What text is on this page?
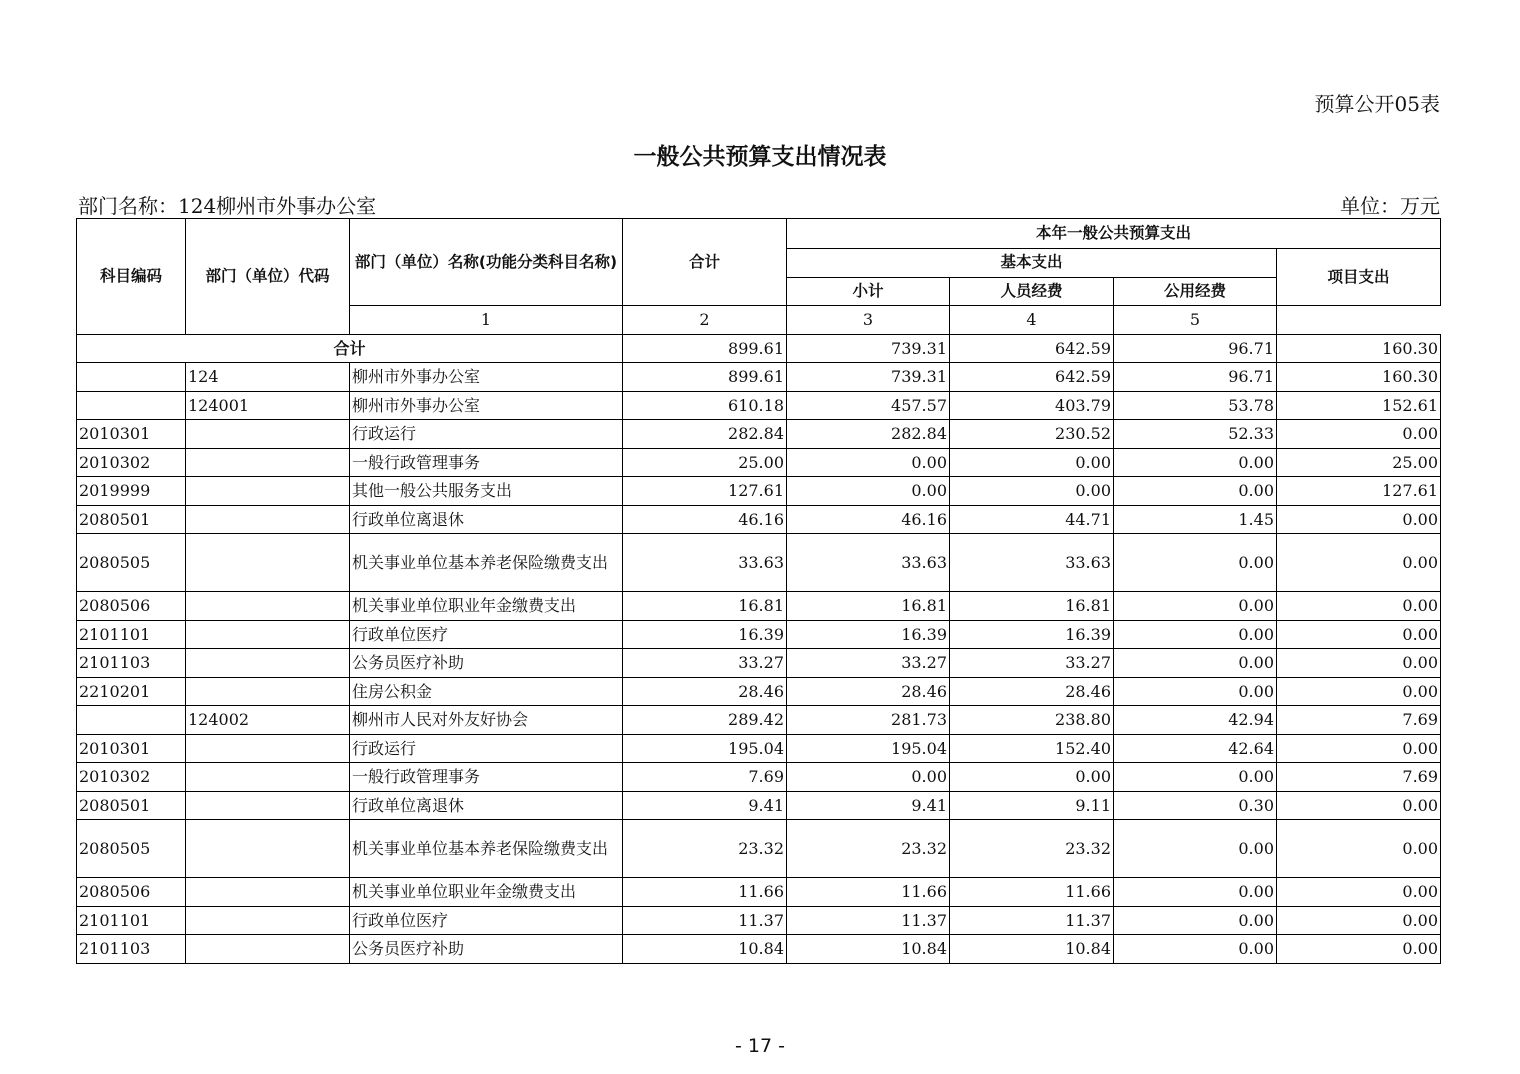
预算公开05表
一般公共预算支出情况表
部门名称：124柳州市外事办公室	单位：万元
科目编码	部门（单位）代码	部门（单位）名称(功能分类科目名称)	合计	本年一般公共预算支出			
				基本支出			项目支出
				小计	人员经费	公用经费	
		1	2	3	4	5	
合计			899.61	739.31	642.59	96.71	160.30
	124	柳州市外事办公室	899.61	739.31	642.59	96.71	160.30
	124001	柳州市外事办公室	610.18	457.57	403.79	53.78	152.61
2010301		行政运行	282.84	282.84	230.52	52.33	0.00
2010302		一般行政管理事务	25.00	0.00	0.00	0.00	25.00
2019999		其他一般公共服务支出	127.61	0.00	0.00	0.00	127.61
2080501		行政单位离退休	46.16	46.16	44.71	1.45	0.00
2080505		机关事业单位基本养老保险缴费支出	33.63	33.63	33.63	0.00	0.00
2080506		机关事业单位职业年金缴费支出	16.81	16.81	16.81	0.00	0.00
2101101		行政单位医疗	16.39	16.39	16.39	0.00	0.00
2101103		公务员医疗补助	33.27	33.27	33.27	0.00	0.00
2210201		住房公积金	28.46	28.46	28.46	0.00	0.00
	124002	柳州市人民对外友好协会	289.42	281.73	238.80	42.94	7.69
2010301		行政运行	195.04	195.04	152.40	42.64	0.00
2010302		一般行政管理事务	7.69	0.00	0.00	0.00	7.69
2080501		行政单位离退休	9.41	9.41	9.11	0.30	0.00
2080505		机关事业单位基本养老保险缴费支出	23.32	23.32	23.32	0.00	0.00
2080506		机关事业单位职业年金缴费支出	11.66	11.66	11.66	0.00	0.00
2101101		行政单位医疗	11.37	11.37	11.37	0.00	0.00
2101103		公务员医疗补助	10.84	10.84	10.84	0.00	0.00
- 17 -
